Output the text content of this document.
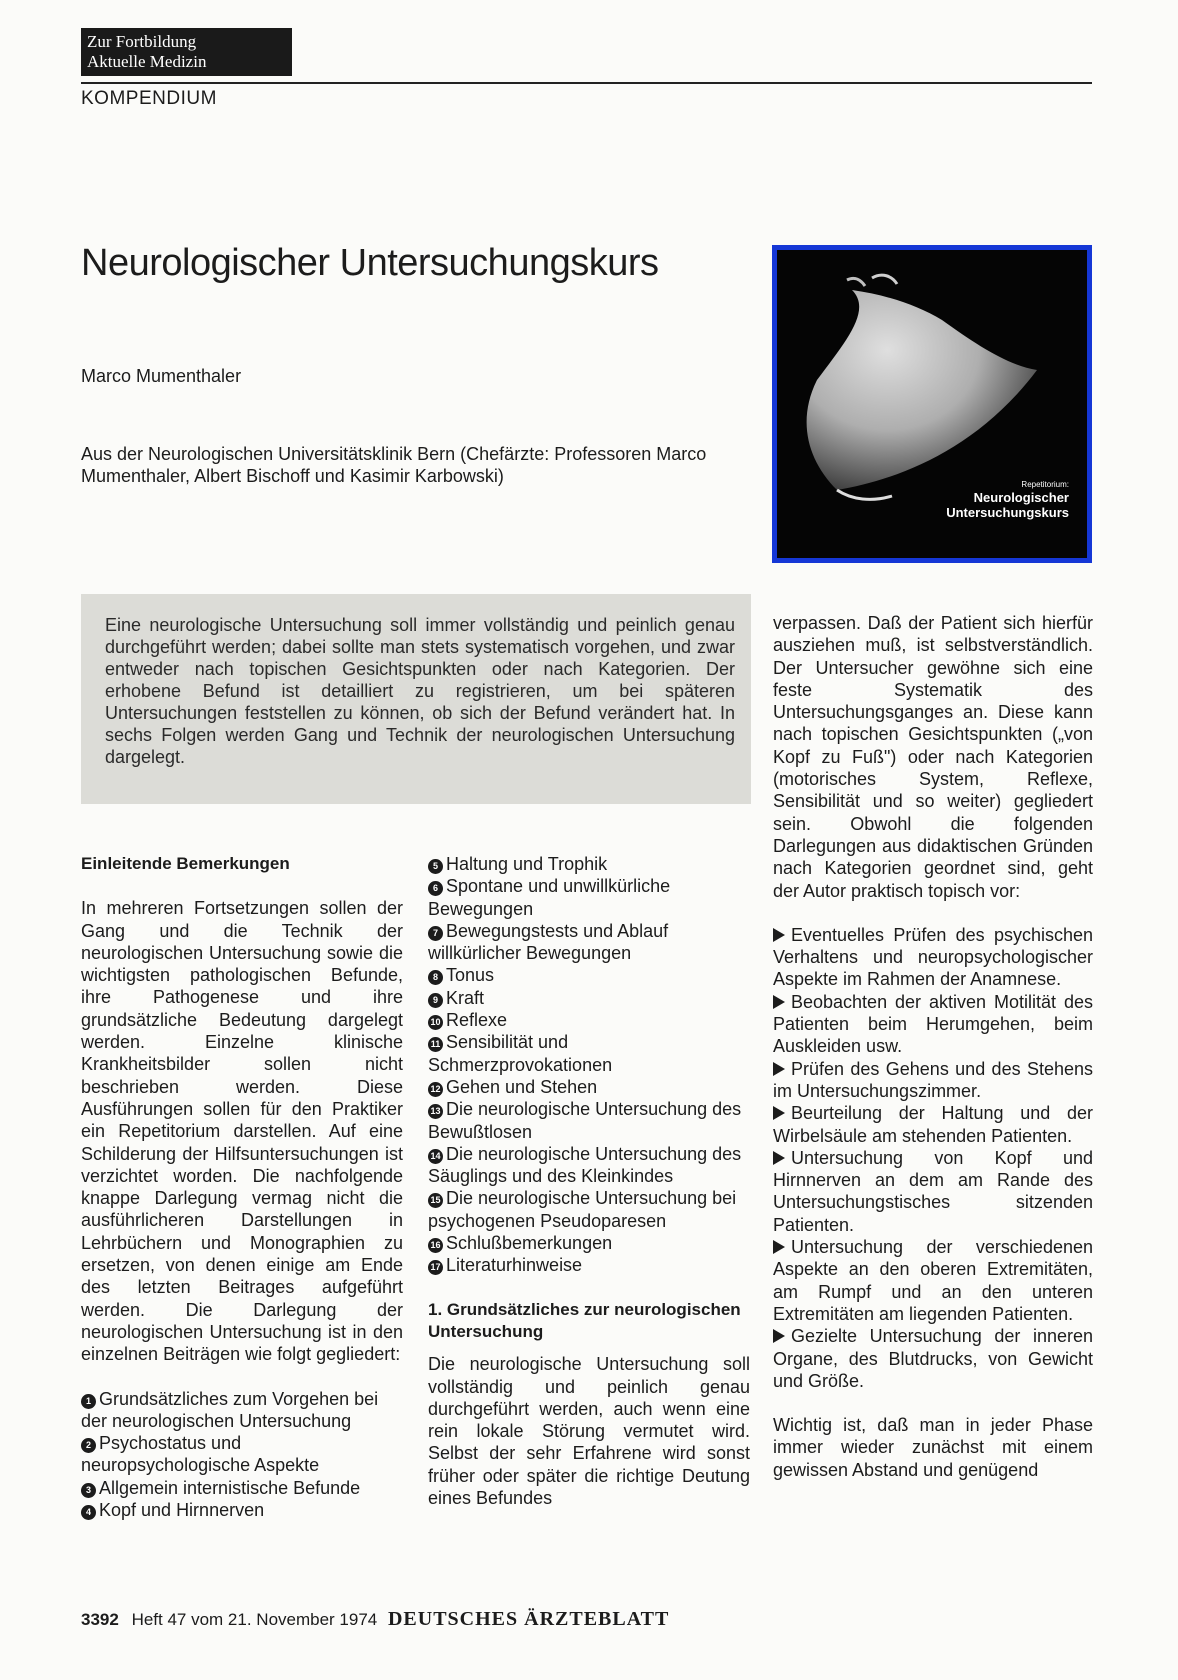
Zur Fortbildung
Aktuelle Medizin
KOMPENDIUM
Neurologischer Untersuchungskurs
Marco Mumenthaler
Aus der Neurologischen Universitätsklinik Bern (Chefärzte: Professoren Marco Mumenthaler, Albert Bischoff und Kasimir Karbowski)	Repetitorium:
Neurologischer
Untersuchungskurs

Eine neurologische Untersuchung soll immer vollständig und peinlich genau durchgeführt werden; dabei sollte man stets systematisch vorgehen, und zwar entweder nach topischen Gesichtspunkten oder nach Kategorien. Der erhobene Befund ist detailliert zu registrieren, um bei späteren Untersuchungen feststellen zu können, ob sich der Befund verändert hat. In sechs Folgen werden Gang und Technik der neurologischen Untersuchung dargelegt.

Einleitende Bemerkungen

In mehreren Fortsetzungen sollen der Gang und die Technik der neurologischen Untersuchung sowie die wichtigsten pathologischen Befunde, ihre Pathogenese und ihre grundsätzliche Bedeutung dargelegt werden. Einzelne klinische Krankheitsbilder sollen nicht beschrieben werden. Diese Ausführungen sollen für den Praktiker ein Repetitorium darstellen. Auf eine Schilderung der Hilfsuntersuchungen ist verzichtet worden. Die nachfolgende knappe Darlegung vermag nicht die ausführlicheren Darstellungen in Lehrbüchern und Monographien zu ersetzen, von denen einige am Ende des letzten Beitrages aufgeführt werden. Die Darlegung der neurologischen Untersuchung ist in den einzelnen Beiträgen wie folgt gegliedert:

1 Grundsätzliches zum Vorgehen bei der neurologischen Untersuchung
2 Psychostatus und neuropsychologische Aspekte
3 Allgemein internistische Befunde
4 Kopf und Hirnnerven
5 Haltung und Trophik
6 Spontane und unwillkürliche Bewegungen
7 Bewegungstests und Ablauf willkürlicher Bewegungen
8 Tonus
9 Kraft
10 Reflexe
11 Sensibilität und Schmerzprovokationen
12 Gehen und Stehen
13 Die neurologische Untersuchung des Bewußtlosen
14 Die neurologische Untersuchung des Säuglings und des Kleinkindes
15 Die neurologische Untersuchung bei psychogenen Pseudoparesen
16 Schlußbemerkungen
17 Literaturhinweise
1. Grundsätzliches zur neurologischen Untersuchung

Die neurologische Untersuchung soll vollständig und peinlich genau durchgeführt werden, auch wenn eine rein lokale Störung vermutet wird. Selbst der sehr Erfahrene wird sonst früher oder später die richtige Deutung eines Befundes

verpassen. Daß der Patient sich hierfür ausziehen muß, ist selbstverständlich. Der Untersucher gewöhne sich eine feste Systematik des Untersuchungsganges an. Diese kann nach topischen Gesichtspunkten („von Kopf zu Fuß") oder nach Kategorien (motorisches System, Reflexe, Sensibilität und so weiter) gegliedert sein. Obwohl die folgenden Darlegungen aus didaktischen Gründen nach Kategorien geordnet sind, geht der Autor praktisch topisch vor:

Eventuelles Prüfen des psychischen Verhaltens und neuropsychologischer Aspekte im Rahmen der Anamnese.
Beobachten der aktiven Motilität des Patienten beim Herumgehen, beim Auskleiden usw.
Prüfen des Gehens und des Stehens im Untersuchungszimmer.
Beurteilung der Haltung und der Wirbelsäule am stehenden Patienten.
Untersuchung von Kopf und Hirnnerven an dem am Rande des Untersuchungstisches sitzenden Patienten.
Untersuchung der verschiedenen Aspekte an den oberen Extremitäten, am Rumpf und an den unteren Extremitäten am liegenden Patienten.
Gezielte Untersuchung der inneren Organe, des Blutdrucks, von Gewicht und Größe.

Wichtig ist, daß man in jeder Phase immer wieder zunächst mit einem gewissen Abstand und genügend

3392 Heft 47 vom 21. November 1974 DEUTSCHES ÄRZTEBLATT
